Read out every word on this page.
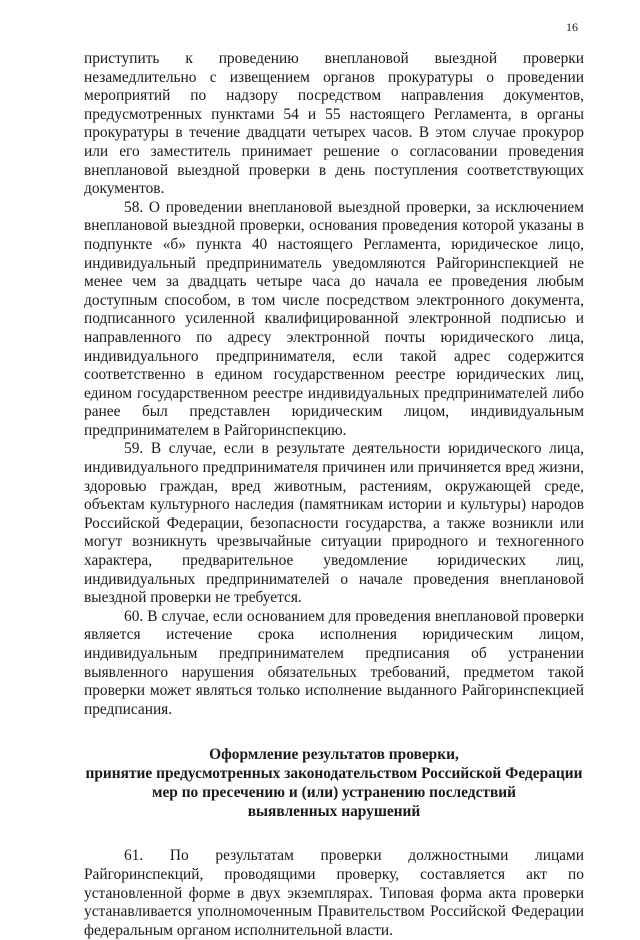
16

приступить к проведению внеплановой выездной проверки незамедлительно с извещением органов прокуратуры о проведении мероприятий по надзору посредством направления документов, предусмотренных пунктами 54 и 55 настоящего Регламента, в органы прокуратуры в течение двадцати четырех часов. В этом случае прокурор или его заместитель принимает решение о согласовании проведения внеплановой выездной проверки в день поступления соответствующих документов.

58. О проведении внеплановой выездной проверки, за исключением внеплановой выездной проверки, основания проведения которой указаны в подпункте «б» пункта 40 настоящего Регламента, юридическое лицо, индивидуальный предприниматель уведомляются Райгоринспекцией не менее чем за двадцать четыре часа до начала ее проведения любым доступным способом, в том числе посредством электронного документа, подписанного усиленной квалифицированной электронной подписью и направленного по адресу электронной почты юридического лица, индивидуального предпринимателя, если такой адрес содержится соответственно в едином государственном реестре юридических лиц, едином государственном реестре индивидуальных предпринимателей либо ранее был представлен юридическим лицом, индивидуальным предпринимателем в Райгоринспекцию.

59. В случае, если в результате деятельности юридического лица, индивидуального предпринимателя причинен или причиняется вред жизни, здоровью граждан, вред животным, растениям, окружающей среде, объектам культурного наследия (памятникам истории и культуры) народов Российской Федерации, безопасности государства, а также возникли или могут возникнуть чрезвычайные ситуации природного и техногенного характера, предварительное уведомление юридических лиц, индивидуальных предпринимателей о начале проведения внеплановой выездной проверки не требуется.

60. В случае, если основанием для проведения внеплановой проверки является истечение срока исполнения юридическим лицом, индивидуальным предпринимателем предписания об устранении выявленного нарушения обязательных требований, предметом такой проверки может являться только исполнение выданного Райгоринспекцией предписания.

Оформление результатов проверки,
принятие предусмотренных законодательством Российской Федерации
мер по пресечению и (или) устранению последствий
выявленных нарушений

61. По результатам проверки должностными лицами Райгоринспекций, проводящими проверку, составляется акт по установленной форме в двух экземплярах. Типовая форма акта проверки устанавливается уполномоченным Правительством Российской Федерации федеральным органом исполнительной власти.
